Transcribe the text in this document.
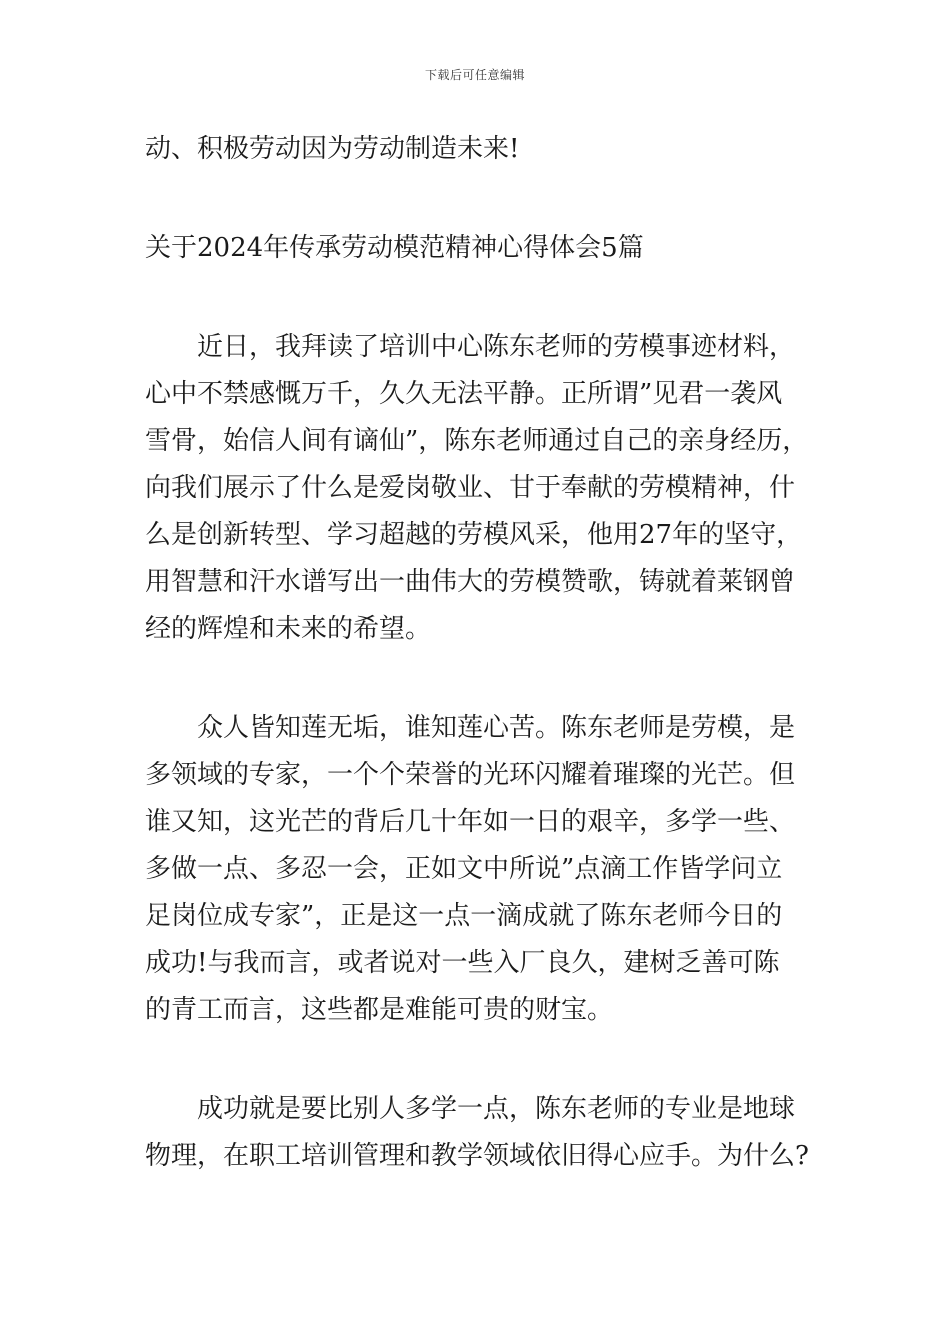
下载后可任意编辑
动、积极劳动因为劳动制造未来!
关于2024年传承劳动模范精神心得体会5篇
近日，我拜读了培训中心陈东老师的劳模事迹材料，
心中不禁感慨万千，久久无法平静。正所谓”见君一袭风
雪骨，始信人间有谪仙”，陈东老师通过自己的亲身经历，
向我们展示了什么是爱岗敬业、甘于奉献的劳模精神，什
么是创新转型、学习超越的劳模风采，他用27年的坚守，
用智慧和汗水谱写出一曲伟大的劳模赞歌，铸就着莱钢曾
经的辉煌和未来的希望。
众人皆知莲无垢，谁知莲心苦。陈东老师是劳模，是
多领域的专家，一个个荣誉的光环闪耀着璀璨的光芒。但
谁又知，这光芒的背后几十年如一日的艰辛，多学一些、
多做一点、多忍一会，正如文中所说”点滴工作皆学问立
足岗位成专家”，正是这一点一滴成就了陈东老师今日的
成功!与我而言，或者说对一些入厂良久，建树乏善可陈
的青工而言，这些都是难能可贵的财宝。
成功就是要比别人多学一点，陈东老师的专业是地球
物理，在职工培训管理和教学领域依旧得心应手。为什么?
